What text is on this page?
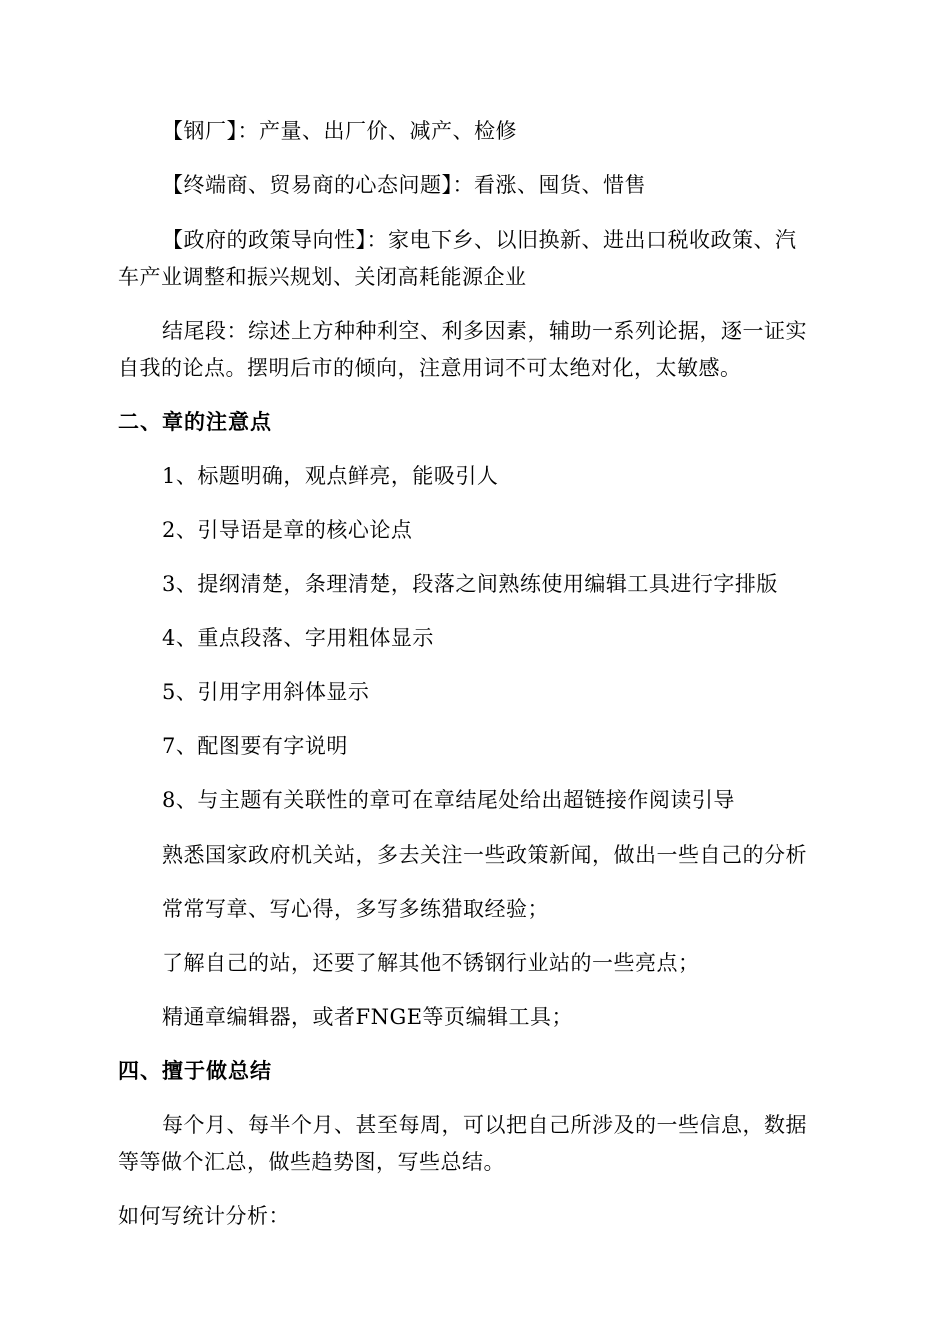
【钢厂】：产量、出厂价、减产、检修
【终端商、贸易商的心态问题】：看涨、囤货、惜售
【政府的政策导向性】：家电下乡、以旧换新、进出口税收政策、汽
车产业调整和振兴规划、关闭高耗能源企业
结尾段：综述上方种种利空、利多因素，辅助一系列论据，逐一证实
自我的论点。摆明后市的倾向，注意用词不可太绝对化，太敏感。
二、章的注意点
1、标题明确，观点鲜亮，能吸引人
2、引导语是章的核心论点
3、提纲清楚，条理清楚，段落之间熟练使用编辑工具进行字排版
4、重点段落、字用粗体显示
5、引用字用斜体显示
7、配图要有字说明
8、与主题有关联性的章可在章结尾处给出超链接作阅读引导
熟悉国家政府机关站，多去关注一些政策新闻，做出一些自己的分析
常常写章、写心得，多写多练猎取经验；
了解自己的站，还要了解其他不锈钢行业站的一些亮点；
精通章编辑器，或者FNGE等页编辑工具；
四、擅于做总结
每个月、每半个月、甚至每周，可以把自己所涉及的一些信息，数据
等等做个汇总，做些趋势图，写些总结。
如何写统计分析：
